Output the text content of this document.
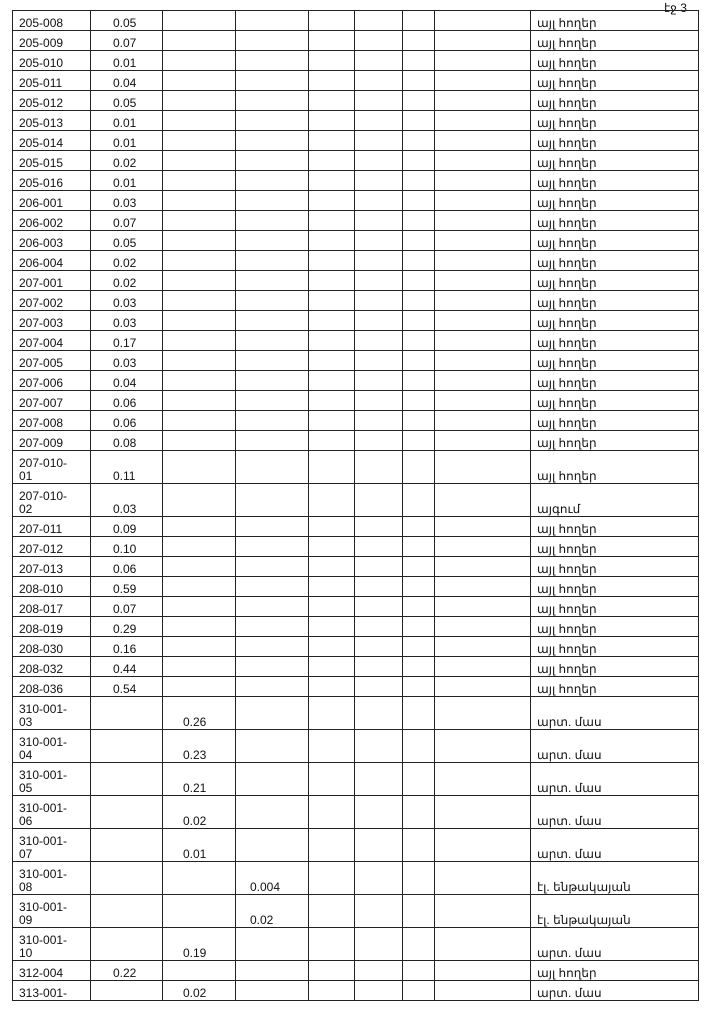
էջ 3
205-008	0.05							այլ հողեր
205-009	0.07							այլ հողեր
205-010	0.01							այլ հողեր
205-011	0.04							այլ հողեր
205-012	0.05							այլ հողեր
205-013	0.01							այլ հողեր
205-014	0.01							այլ հողեր
205-015	0.02							այլ հողեր
205-016	0.01							այլ հողեր
206-001	0.03							այլ հողեր
206-002	0.07							այլ հողեր
206-003	0.05							այլ հողեր
206-004	0.02							այլ հողեր
207-001	0.02							այլ հողեր
207-002	0.03							այլ հողեր
207-003	0.03							այլ հողեր
207-004	0.17							այլ հողեր
207-005	0.03							այլ հողեր
207-006	0.04							այլ հողեր
207-007	0.06							այլ հողեր
207-008	0.06							այլ հողեր
207-009	0.08							այլ հողեր
207-010-
01	0.11							այլ հողեր
207-010-
02	0.03							այգում
207-011	0.09							այլ հողեր
207-012	0.10							այլ հողեր
207-013	0.06							այլ հողեր
208-010	0.59							այլ հողեր
208-017	0.07							այլ հողեր
208-019	0.29							այլ հողեր
208-030	0.16							այլ հողեր
208-032	0.44							այլ հողեր
208-036	0.54							այլ հողեր
310-001-
03		0.26						արտ. մաս
310-001-
04		0.23						արտ. մաս
310-001-
05		0.21						արտ. մաս
310-001-
06		0.02						արտ. մաս
310-001-
07		0.01						արտ. մաս
310-001-
08			0.004					էլ. ենթակայան
310-001-
09			0.02					էլ. ենթակայան
310-001-
10		0.19						արտ. մաս
312-004	0.22							այլ հողեր
313-001-		0.02						արտ. մաս
